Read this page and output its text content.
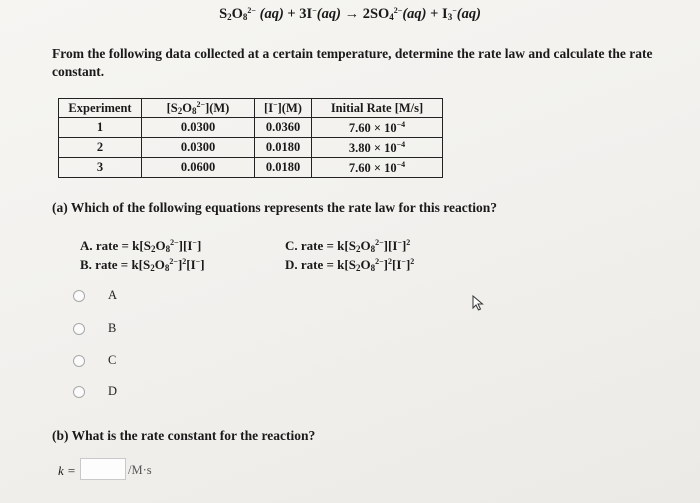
$S_2O_8^{2-}$ $(aq) + 3I^-(aq) \to 2SO_4^{2-}(aq) + I_3^-(aq)$
From the following data collected at a certain temperature, determine the rate law and calculate the rate constant.
Experiment	$[S_2O_8^{2-}](M)$	[I−](M)	Initial Rate [M/s]
1	0.0300	0.0360	$7.60 \times 10^{-4}$
2	0.0300	0.0180	$3.80 \times 10^{-4}$
3	0.0600	0.0180	$7.60 \times 10^{-4}$
(a) Which of the following equations represents the rate law for this reaction?
A. rate = $k[S_2O_8^{2-}][I^-]$
B. rate = $k[S_2O_8^{2-}]^2[I^-]$
C. rate = $k[S_2O_8^{2-}][I^-]^2$
D. rate = $k[S_2O_8^{2-}]^2[I^-]^2$
A
B
C
D
(b) What is the rate constant for the reaction?
k =	/M·s
